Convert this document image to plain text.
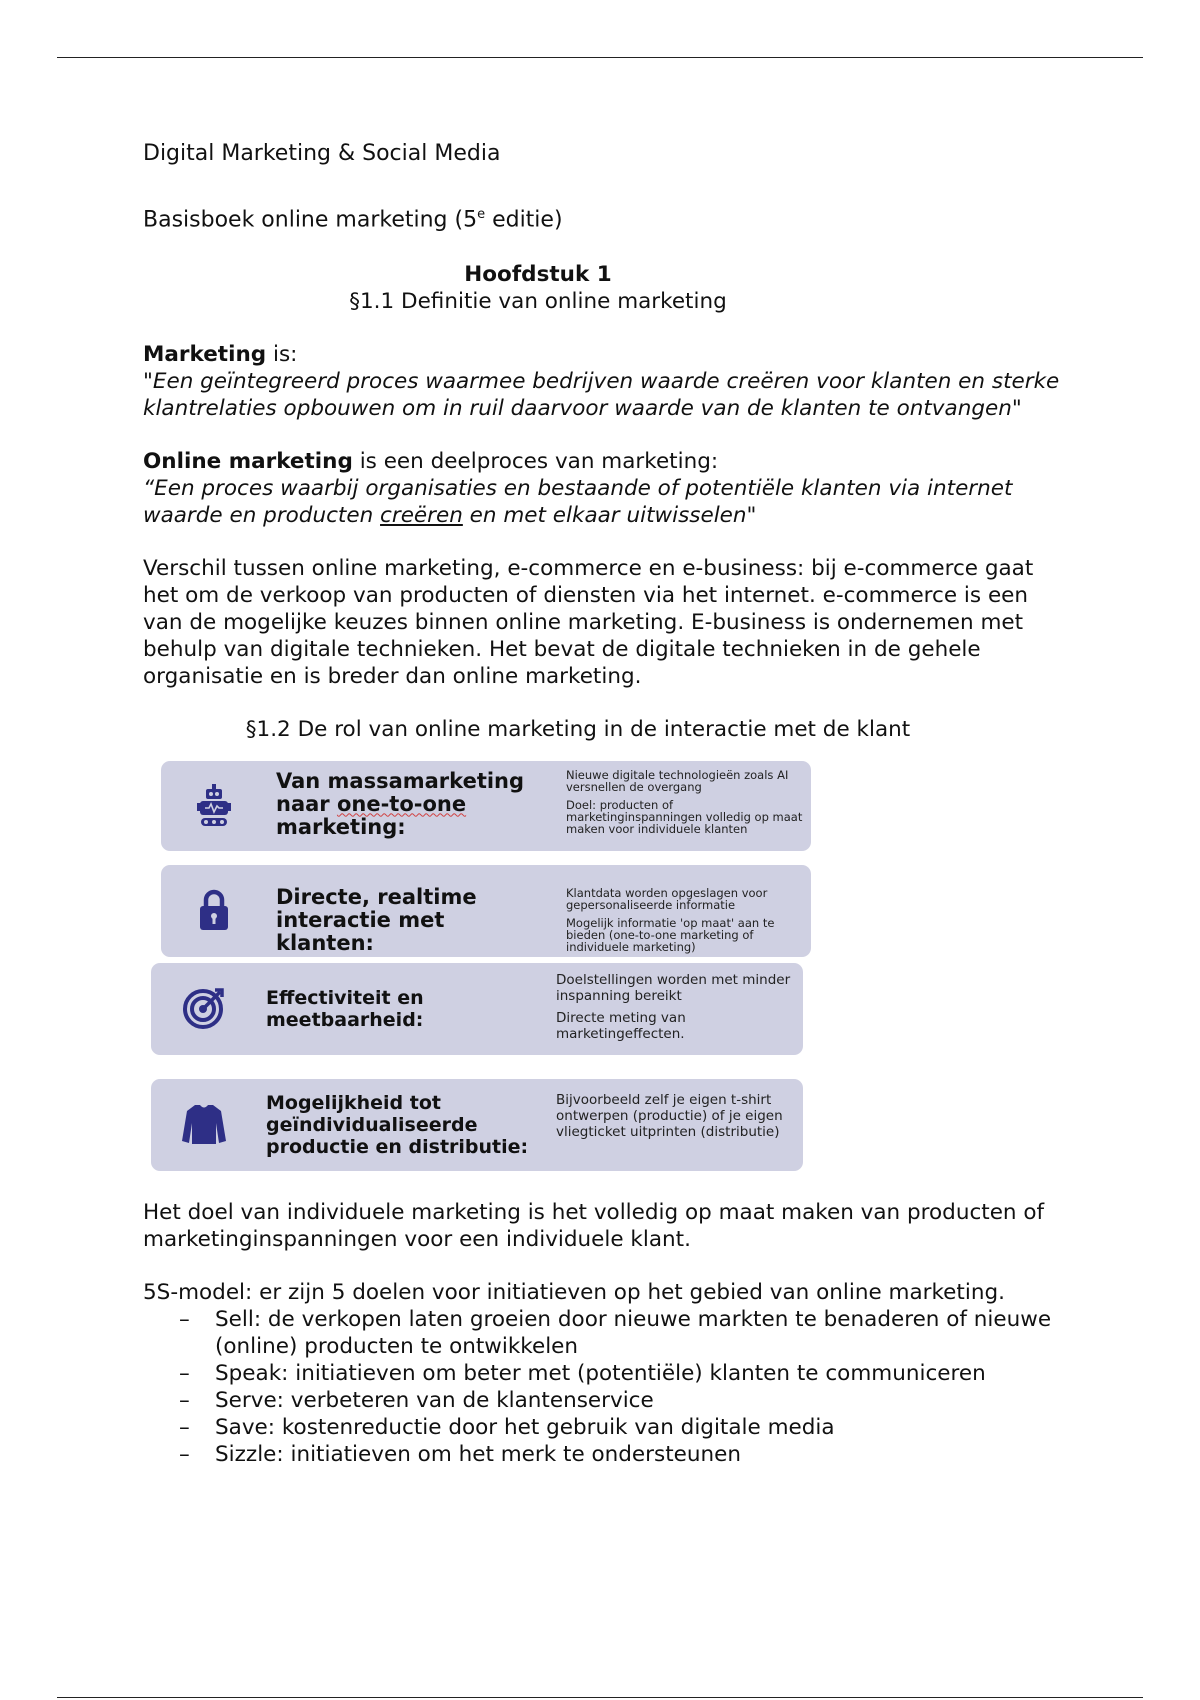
Digital Marketing & Social Media

Basisboek online marketing (5e editie)

Hoofdstuk 1

§1.1 Definitie van online marketing

Marketing is:

"Een geïntegreerd proces waarmee bedrijven waarde creëren voor klanten en sterke klantrelaties opbouwen om in ruil daarvoor waarde van de klanten te ontvangen"

Online marketing is een deelproces van marketing:

“Een proces waarbij organisaties en bestaande of potentiële klanten via internet waarde en producten creëren en met elkaar uitwisselen"

Verschil tussen online marketing, e-commerce en e-business: bij e-commerce gaat het om de verkoop van producten of diensten via het internet. e-commerce is een van de mogelijke keuzes binnen online marketing. E-business is ondernemen met behulp van digitale technieken. Het bevat de digitale technieken in de gehele organisatie en is breder dan online marketing.

§1.2 De rol van online marketing in de interactie met de klant

Van massamarketing naar one-to-one marketing:
Nieuwe digitale technologieën zoals AI versnellen de overgang
Doel: producten of marketinginspanningen volledig op maat maken voor individuele klanten
Directe, realtime interactie met klanten:
Klantdata worden opgeslagen voor gepersonaliseerde informatie
Mogelijk informatie 'op maat' aan te bieden (one-to-one marketing of individuele marketing)
Effectiviteit en meetbaarheid:
Doelstellingen worden met minder inspanning bereikt
Directe meting van marketingeffecten.
Mogelijkheid tot geïndividualiseerde productie en distributie:
Bijvoorbeeld zelf je eigen t-shirt ontwerpen (productie) of je eigen vliegticket uitprinten (distributie)

Het doel van individuele marketing is het volledig op maat maken van producten of marketinginspanningen voor een individuele klant.

5S-model: er zijn 5 doelen voor initiatieven op het gebied van online marketing.

– Sell: de verkopen laten groeien door nieuwe markten te benaderen of nieuwe (online) producten te ontwikkelen
– Speak: initiatieven om beter met (potentiële) klanten te communiceren
– Serve: verbeteren van de klantenservice
– Save: kostenreductie door het gebruik van digitale media
– Sizzle: initiatieven om het merk te ondersteunen
